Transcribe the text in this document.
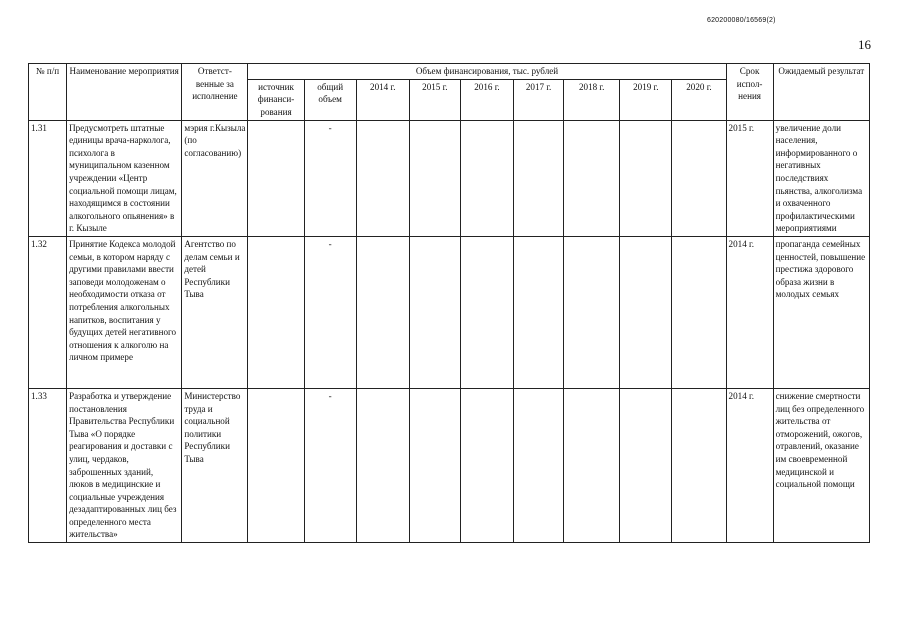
620200080/16569(2)
16
№ п/п	Наименование мероприятия	Ответст-венные за исполнение	Объем финансирования, тыс. рублей									Срок испол-нения	Ожидаемый результат
			источник финанси-рования	общий объем	2014 г.	2015 г.	2016 г.	2017 г.	2018 г.	2019 г.	2020 г.		
1.31	Предусмотреть штатные единицы врача-нарколога, психолога в муниципальном казенном учреждении «Центр социальной помощи лицам, находящимся в состоянии алкогольного опьянения» в г. Кызыле	мэрия г.Кызыла (по согласованию)		-								2015 г.	увеличение доли населения, информированного о негативных последствиях пьянства, алкоголизма и охваченного профилактическими мероприятиями
1.32	Принятие Кодекса молодой семьи, в котором наряду с другими правилами ввести заповеди молодоженам о необходимости отказа от потребления алкогольных напитков, воспитания у будущих детей негативного отношения к алкоголю на личном примере	Агентство по делам семьи и детей Республики Тыва		-								2014 г.	пропаганда семейных ценностей, повышение престижа здорового образа жизни в молодых семьях
1.33	Разработка и утверждение постановления Правительства Республики Тыва «О порядке реагирования и доставки с улиц, чердаков, заброшенных зданий, люков в медицинские и социальные учреждения дезадаптированных лиц без определенного места жительства»	Министерство труда и социальной политики Республики Тыва		-								2014 г.	снижение смертности лиц без определенного жительства от отморожений, ожогов, отравлений, оказание им своевременной медицинской и социальной помощи
